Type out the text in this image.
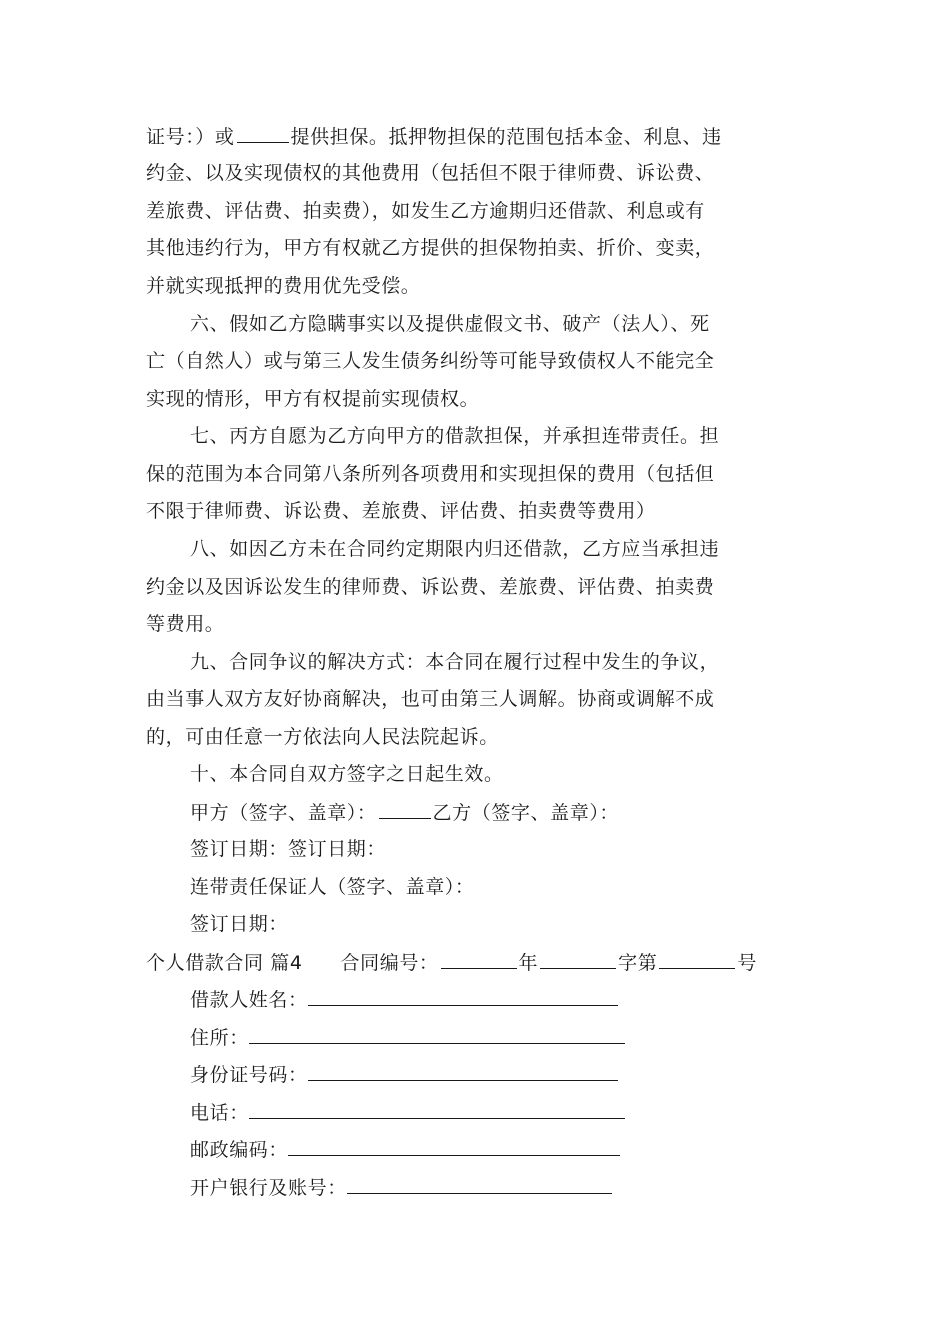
证号：）或	提供担保。抵押物担保的范围包括本金、利息、违
约金、以及实现债权的其他费用（包括但不限于律师费、诉讼费、
差旅费、评估费、拍卖费），如发生乙方逾期归还借款、利息或有
其他违约行为，甲方有权就乙方提供的担保物拍卖、折价、变卖，
并就实现抵押的费用优先受偿。
六、假如乙方隐瞒事实以及提供虚假文书、破产（法人）、死
亡（自然人）或与第三人发生债务纠纷等可能导致债权人不能完全
实现的情形，甲方有权提前实现债权。
七、丙方自愿为乙方向甲方的借款担保，并承担连带责任。担
保的范围为本合同第八条所列各项费用和实现担保的费用（包括但
不限于律师费、诉讼费、差旅费、评估费、拍卖费等费用）
八、如因乙方未在合同约定期限内归还借款，乙方应当承担违
约金以及因诉讼发生的律师费、诉讼费、差旅费、评估费、拍卖费
等费用。
九、合同争议的解决方式：本合同在履行过程中发生的争议，
由当事人双方友好协商解决，也可由第三人调解。协商或调解不成
的，可由任意一方依法向人民法院起诉。
十、本合同自双方签字之日起生效。
甲方（签字、盖章）：	乙方（签字、盖章）：
签订日期：签订日期：
连带责任保证人（签字、盖章）：
签订日期：
个人借款合同 篇4 合同编号：	年	字第	号
借款人姓名：
住所：
身份证号码：
电话：
邮政编码：
开户银行及账号：
